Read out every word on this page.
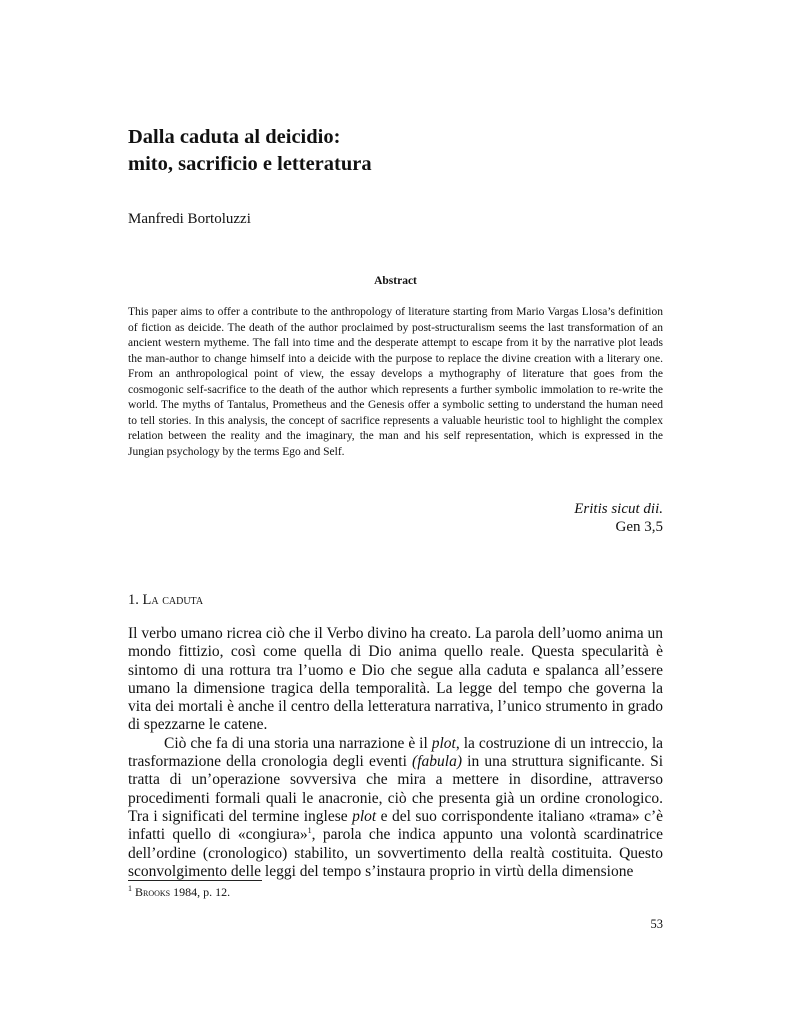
Dalla caduta al deicidio:
mito, sacrificio e letteratura
Manfredi Bortoluzzi
Abstract

This paper aims to offer a contribute to the anthropology of literature starting from Mario Vargas Llosa’s definition of fiction as deicide. The death of the author proclaimed by post-structuralism seems the last transformation of an ancient western mytheme. The fall into time and the desperate attempt to escape from it by the narrative plot leads the man-author to change himself into a deicide with the purpose to replace the divine creation with a literary one. From an anthropological point of view, the essay develops a mythography of literature that goes from the cosmogonic self-sacrifice to the death of the author which represents a further symbolic immolation to re-write the world. The myths of Tantalus, Prometheus and the Genesis offer a symbolic setting to understand the human need to tell stories. In this analysis, the concept of sacrifice represents a valuable heuristic tool to highlight the complex relation between the reality and the imaginary, the man and his self representation, which is expressed in the Jungian psychology by the terms Ego and Self.

Eritis sicut dii.
Gen 3,5
1. La caduta

Il verbo umano ricrea ciò che il Verbo divino ha creato. La parola dell’uomo anima un mondo fittizio, così come quella di Dio anima quello reale. Questa specularità è sintomo di una rottura tra l’uomo e Dio che segue alla caduta e spalanca all’essere umano la dimensione tragica della temporalità. La legge del tempo che governa la vita dei mortali è anche il centro della letteratura narrativa, l’unico strumento in grado di spezzarne le catene.

Ciò che fa di una storia una narrazione è il plot, la costruzione di un intreccio, la trasformazione della cronologia degli eventi (fabula) in una struttura significante. Si tratta di un’operazione sovversiva che mira a mettere in disordine, attraverso procedimenti formali quali le anacronie, ciò che presenta già un ordine cronologico. Tra i significati del termine inglese plot e del suo corrispondente italiano «trama» c’è infatti quello di «congiura»$^1$, parola che indica appunto una volontà scardinatrice dell’ordine (cronologico) stabilito, un sovvertimento della realtà costituita. Questo sconvolgimento delle leggi del tempo s’instaura proprio in virtù della dimensione

$^1$ Brooks 1984, p. 12.
53
